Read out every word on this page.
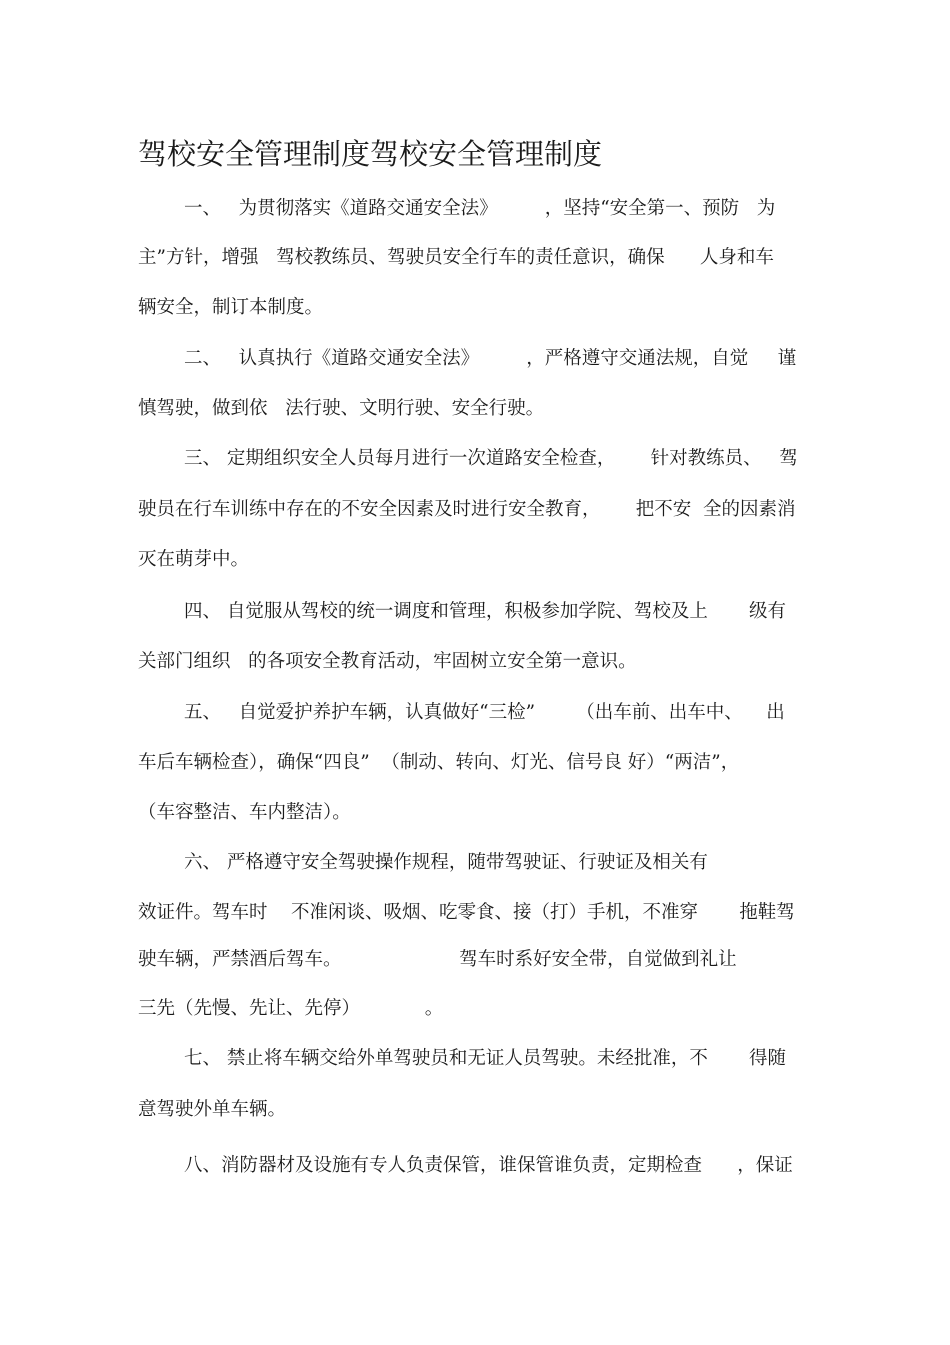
驾校安全管理制度驾校安全管理制度
一、   为贯彻落实《道路交通安全法》        ，坚持“安全第一、预防   为
主”方针，增强   驾校教练员、驾驶员安全行车的责任意识，确保      人身和车
辆安全，制订本制度。
二、   认真执行《道路交通安全法》        ，严格遵守交通法规，自觉     谨
慎驾驶，做到依   法行驶、文明行驶、安全行驶。
三、 定期组织安全人员每月进行一次道路安全检查，      针对教练员、   驾
驶员在行车训练中存在的不安全因素及时进行安全教育，      把不安  全的因素消
灭在萌芽中。
四、 自觉服从驾校的统一调度和管理，积极参加学院、驾校及上       级有
关部门组织   的各项安全教育活动，牢固树立安全第一意识。
五、   自觉爱护养护车辆，认真做好“三检”       （出车前、出车中、    出
车后车辆检查），确保“四良”  （制动、转向、灯光、信号良 好）“两洁”，
（车容整洁、车内整洁）。
六、 严格遵守安全驾驶操作规程，随带驾驶证、行驶证及相关有
效证件。驾车时    不准闲谈、吸烟、吃零食、接（打）手机，不准穿       拖鞋驾
驶车辆，严禁酒后驾车。                    驾车时系好安全带，自觉做到礼让
三先（先慢、先让、先停）           。
七、 禁止将车辆交给外单驾驶员和无证人员驾驶。未经批准，不       得随
意驾驶外单车辆。
八、消防器材及设施有专人负责保管，谁保管谁负责，定期检查      ，保证
